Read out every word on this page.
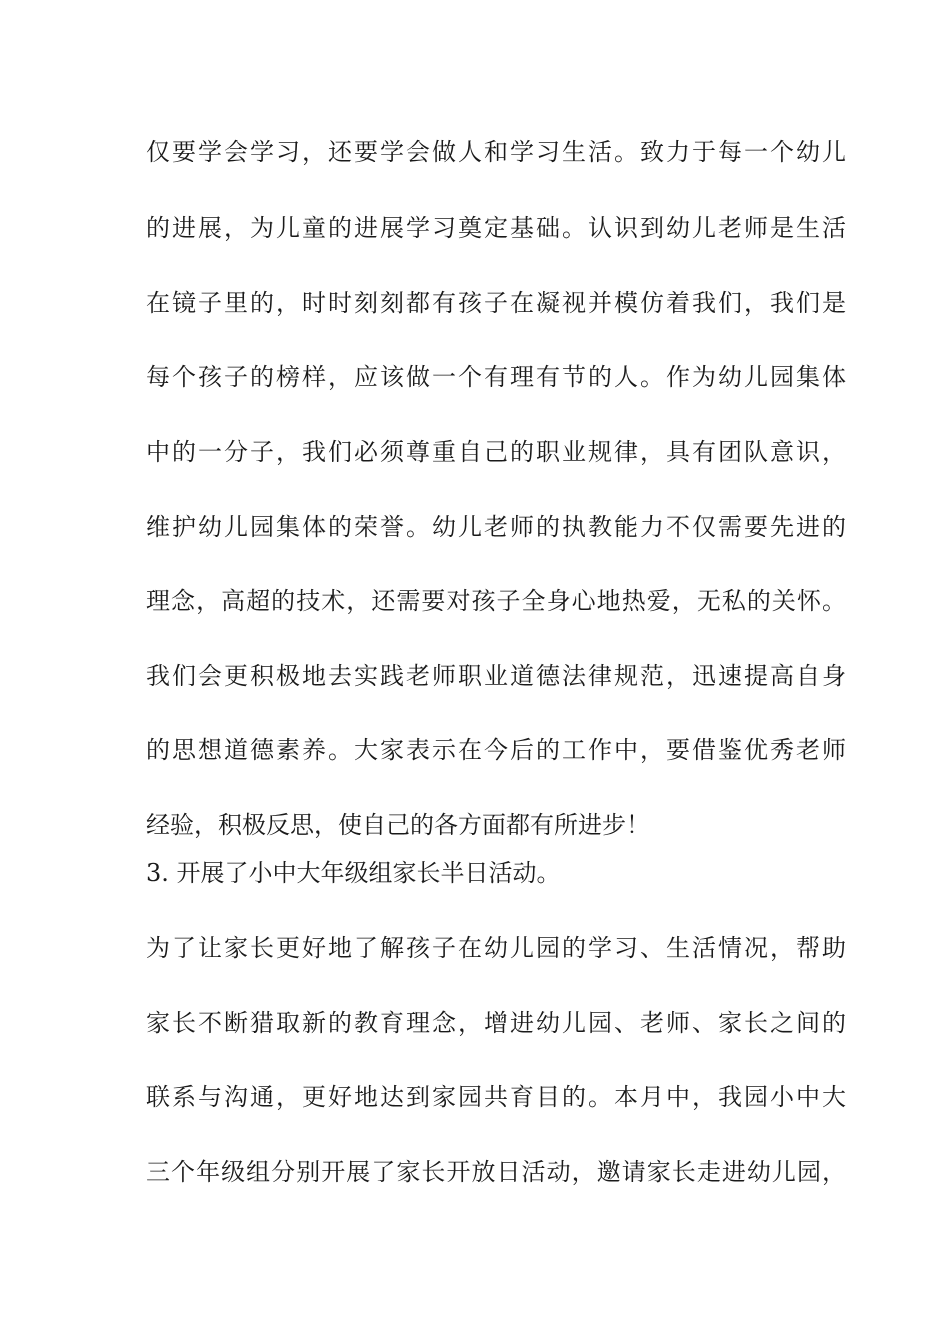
仅要学会学习，还要学会做人和学习生活。致力于每一个幼儿
的进展，为儿童的进展学习奠定基础。认识到幼儿老师是生活
在镜子里的，时时刻刻都有孩子在凝视并模仿着我们，我们是
每个孩子的榜样，应该做一个有理有节的人。作为幼儿园集体
中的一分子，我们必须尊重自己的职业规律，具有团队意识，
维护幼儿园集体的荣誉。幼儿老师的执教能力不仅需要先进的
理念，高超的技术，还需要对孩子全身心地热爱，无私的关怀。
我们会更积极地去实践老师职业道德法律规范，迅速提高自身
的思想道德素养。大家表示在今后的工作中，要借鉴优秀老师
经验，积极反思，使自己的各方面都有所进步！
3. 开展了小中大年级组家长半日活动。
为了让家长更好地了解孩子在幼儿园的学习、生活情况，帮助
家长不断猎取新的教育理念，增进幼儿园、老师、家长之间的
联系与沟通，更好地达到家园共育目的。本月中，我园小中大
三个年级组分别开展了家长开放日活动，邀请家长走进幼儿园，
